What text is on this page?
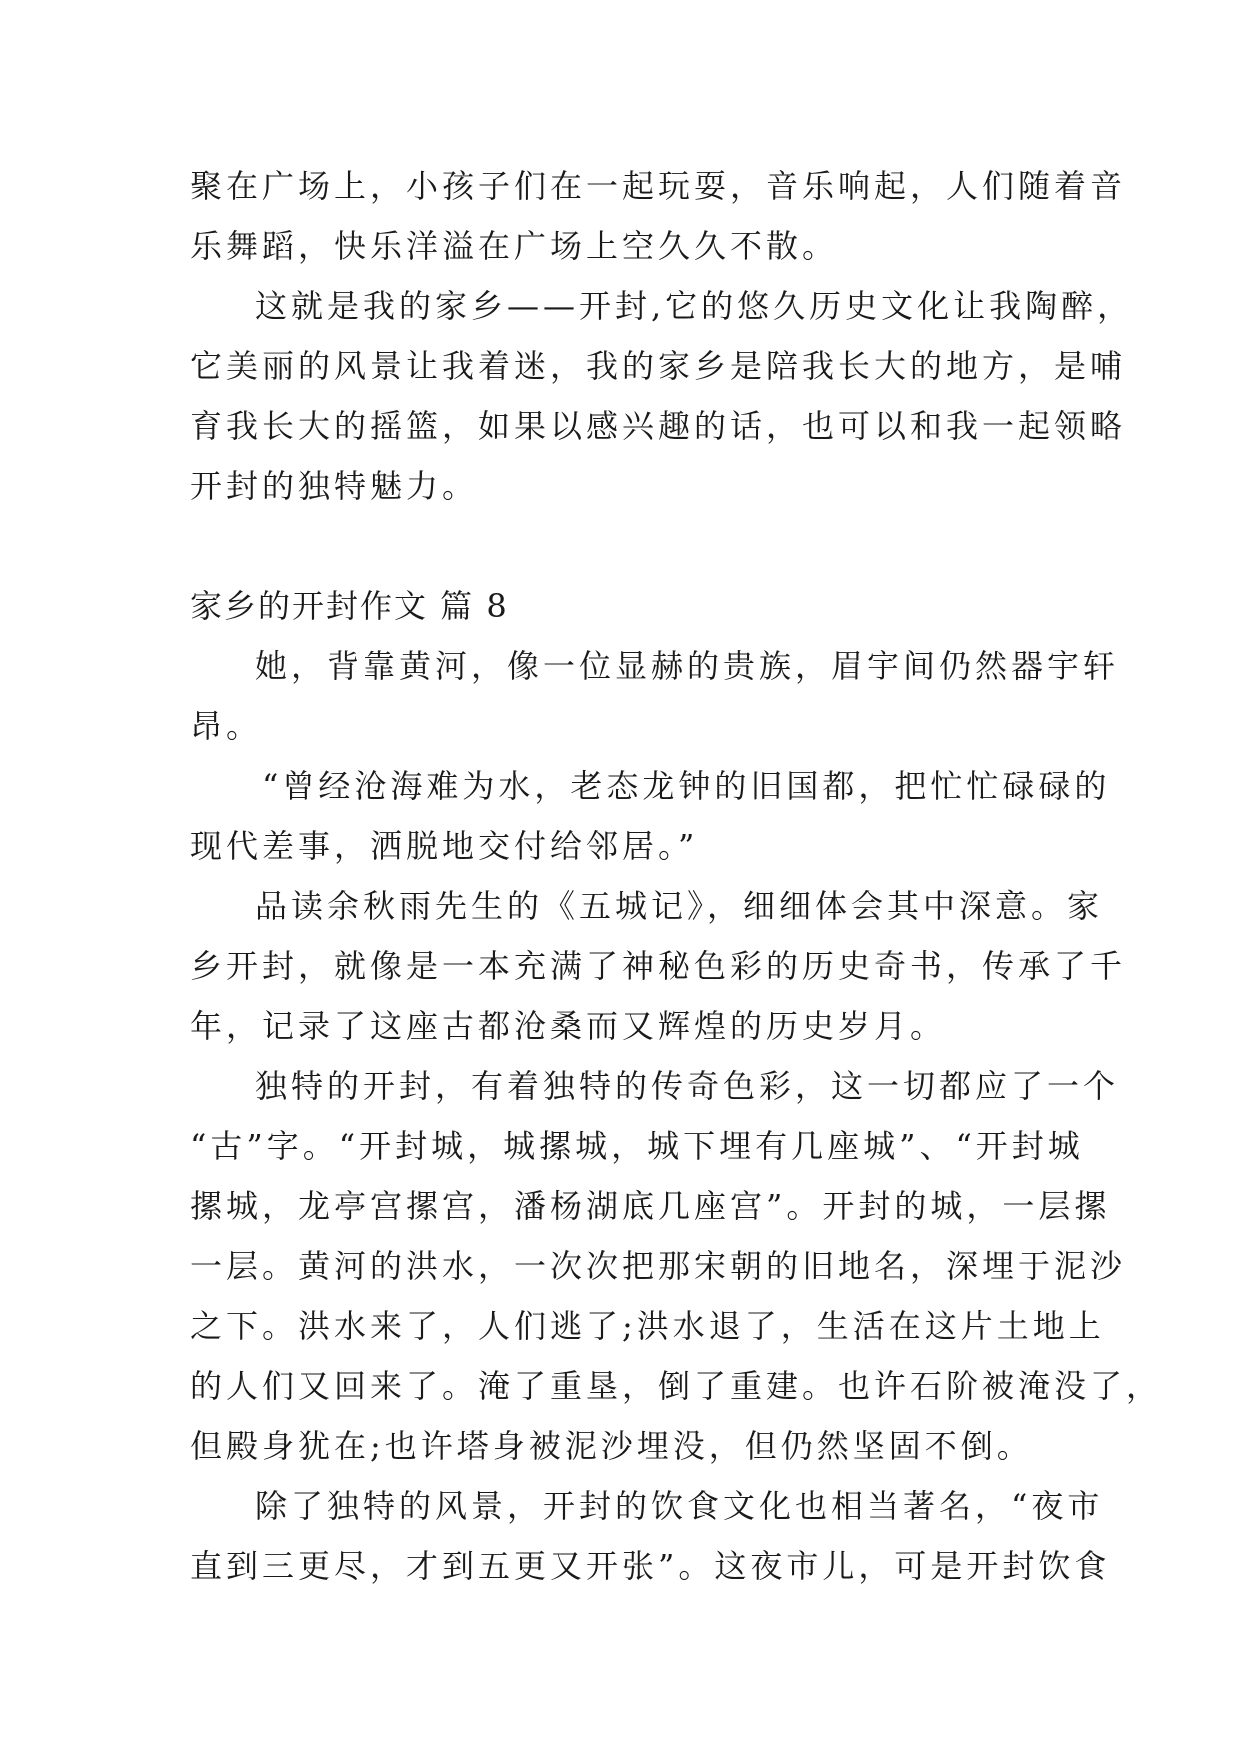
聚在广场上，小孩子们在一起玩耍，音乐响起，人们随着音
乐舞蹈，快乐洋溢在广场上空久久不散。
这就是我的家乡——开封,它的悠久历史文化让我陶醉，
它美丽的风景让我着迷，我的家乡是陪我长大的地方，是哺
育我长大的摇篮，如果以感兴趣的话，也可以和我一起领略
开封的独特魅力。
家乡的开封作文 篇 8
她，背靠黄河，像一位显赫的贵族，眉宇间仍然器宇轩
昂。
“曾经沧海难为水，老态龙钟的旧国都，把忙忙碌碌的
现代差事，洒脱地交付给邻居。”
品读余秋雨先生的《五城记》，细细体会其中深意。家
乡开封，就像是一本充满了神秘色彩的历史奇书，传承了千
年，记录了这座古都沧桑而又辉煌的历史岁月。
独特的开封，有着独特的传奇色彩，这一切都应了一个
“古”字。“开封城，城摞城，城下埋有几座城”、“开封城
摞城，龙亭宫摞宫，潘杨湖底几座宫”。开封的城，一层摞
一层。黄河的洪水，一次次把那宋朝的旧地名，深埋于泥沙
之下。洪水来了，人们逃了;洪水退了，生活在这片土地上
的人们又回来了。淹了重垦，倒了重建。也许石阶被淹没了，
但殿身犹在;也许塔身被泥沙埋没，但仍然坚固不倒。
除了独特的风景，开封的饮食文化也相当著名，“夜市
直到三更尽，才到五更又开张”。这夜市儿，可是开封饮食
